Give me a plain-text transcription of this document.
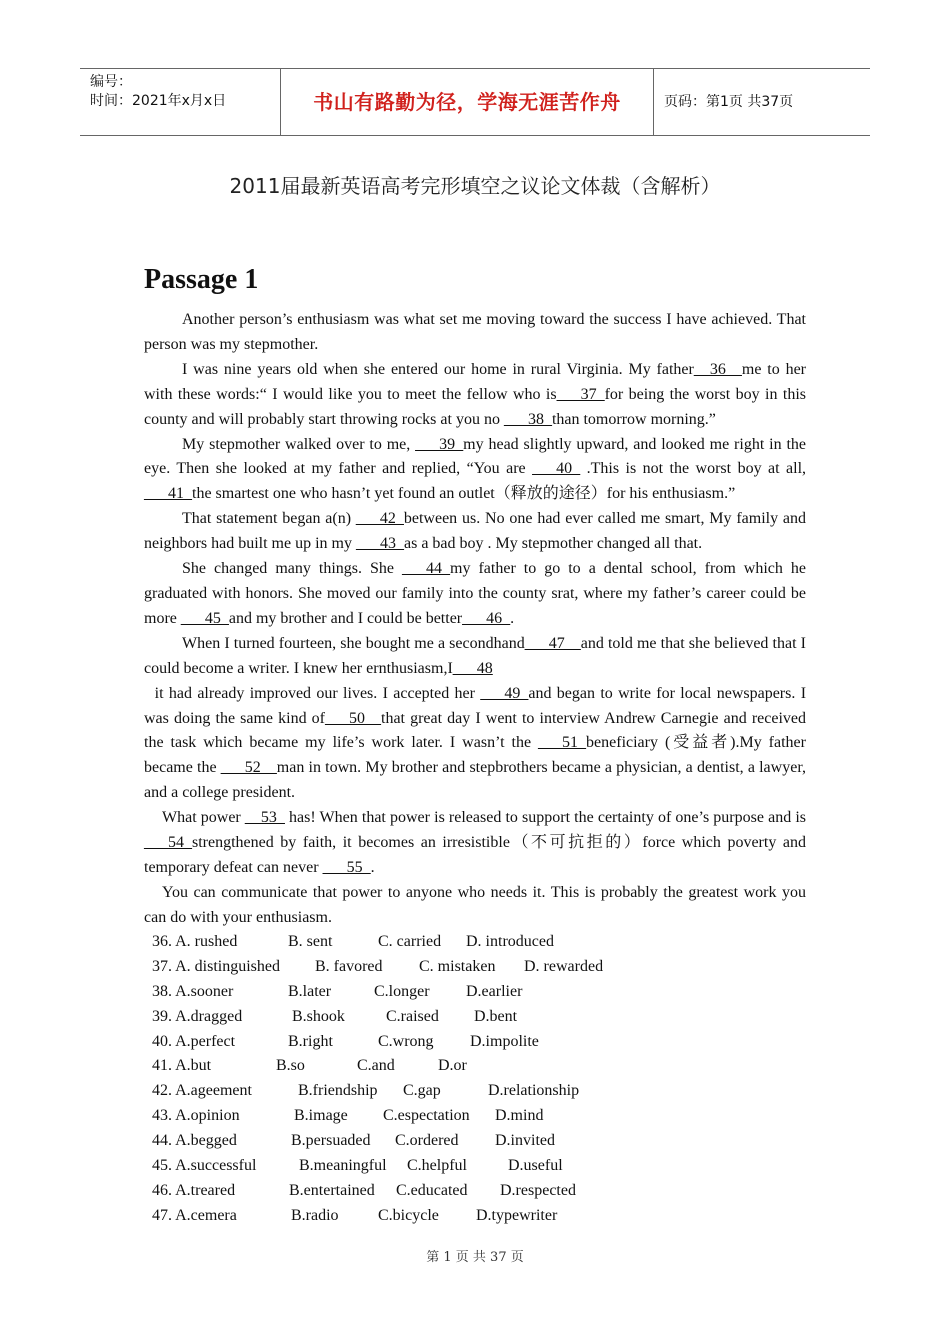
编号：
时间：2021年x月x日	书山有路勤为径，学海无涯苦作舟	页码：第1页 共37页
2011届最新英语高考完形填空之议论文体裁（含解析）
Passage 1

Another person’s enthusiasm was what set me moving toward the success I have achieved. That person was my stepmother.

I was nine years old when she entered our home in rural Virginia. My father__36__me to her with these words:“ I would like you to meet the fellow who is___37_for being the worst boy in this county and will probably start throwing rocks at you no ___38_than tomorrow morning.”

My stepmother walked over to me, ___39_my head slightly upward, and looked me right in the eye. Then she looked at my father and replied, “You are ___40_ .This is not the worst boy at all, ___41_the smartest one who hasn’t yet found an outlet（释放的途径）for his enthusiasm.”

That statement began a(n) ___42_between us. No one had ever called me smart, My family and neighbors had built me up in my ___43_as a bad boy . My stepmother changed all that.

She changed many things. She ___44_my father to go to a dental school, from which he graduated with honors. She moved our family into the county srat, where my father’s career could be more ___45_and my brother and I could be better___46_.

When I turned fourteen, she bought me a secondhand___47__and told me that she believed that I could become a writer. I knew her ernthusiasm,I___48
it had already improved our lives. I accepted her ___49_and began to write for local newspapers. I was doing the same kind of___50__that great day I went to interview Andrew Carnegie and received the task which became my life’s work later. I wasn’t the ___51_beneficiary (受益者).My father became the ___52__man in town. My brother and stepbrothers became a physician, a dentist, a lawyer, and a college president.

What power __53_ has! When that power is released to support the certainty of one’s purpose and is ___54_strengthened by faith, it becomes an irresistible（不可抗拒的）force which poverty and temporary defeat can never ___55_.

You can communicate that power to anyone who needs it. This is probably the greatest work you can do with your enthusiasm.

36. A. rushed	B. sent	C. carried D. introduced
37. A. distinguished B. favored C. mistaken D. rewarded
38. A.sooner	B.later	C.longer D.earlier
39. A.dragged	B.shook	C.raised D.bent
40. A.perfect	B.right	C.wrong D.impolite
41. A.but	B.so	C.and	D.or
42. A.ageement	B.friendship C.gap	D.relationship
43. A.opinion	B.image C.espectation D.mind
44. A.begged	B.persuaded C.ordered D.invited
45. A.successful	B.meaningful C.helpful	D.useful
46. A.treared	B.entertained C.educated D.respected
47. A.cemera	B.radio C.bicycle D.typewriter
第 1 页 共 37 页
